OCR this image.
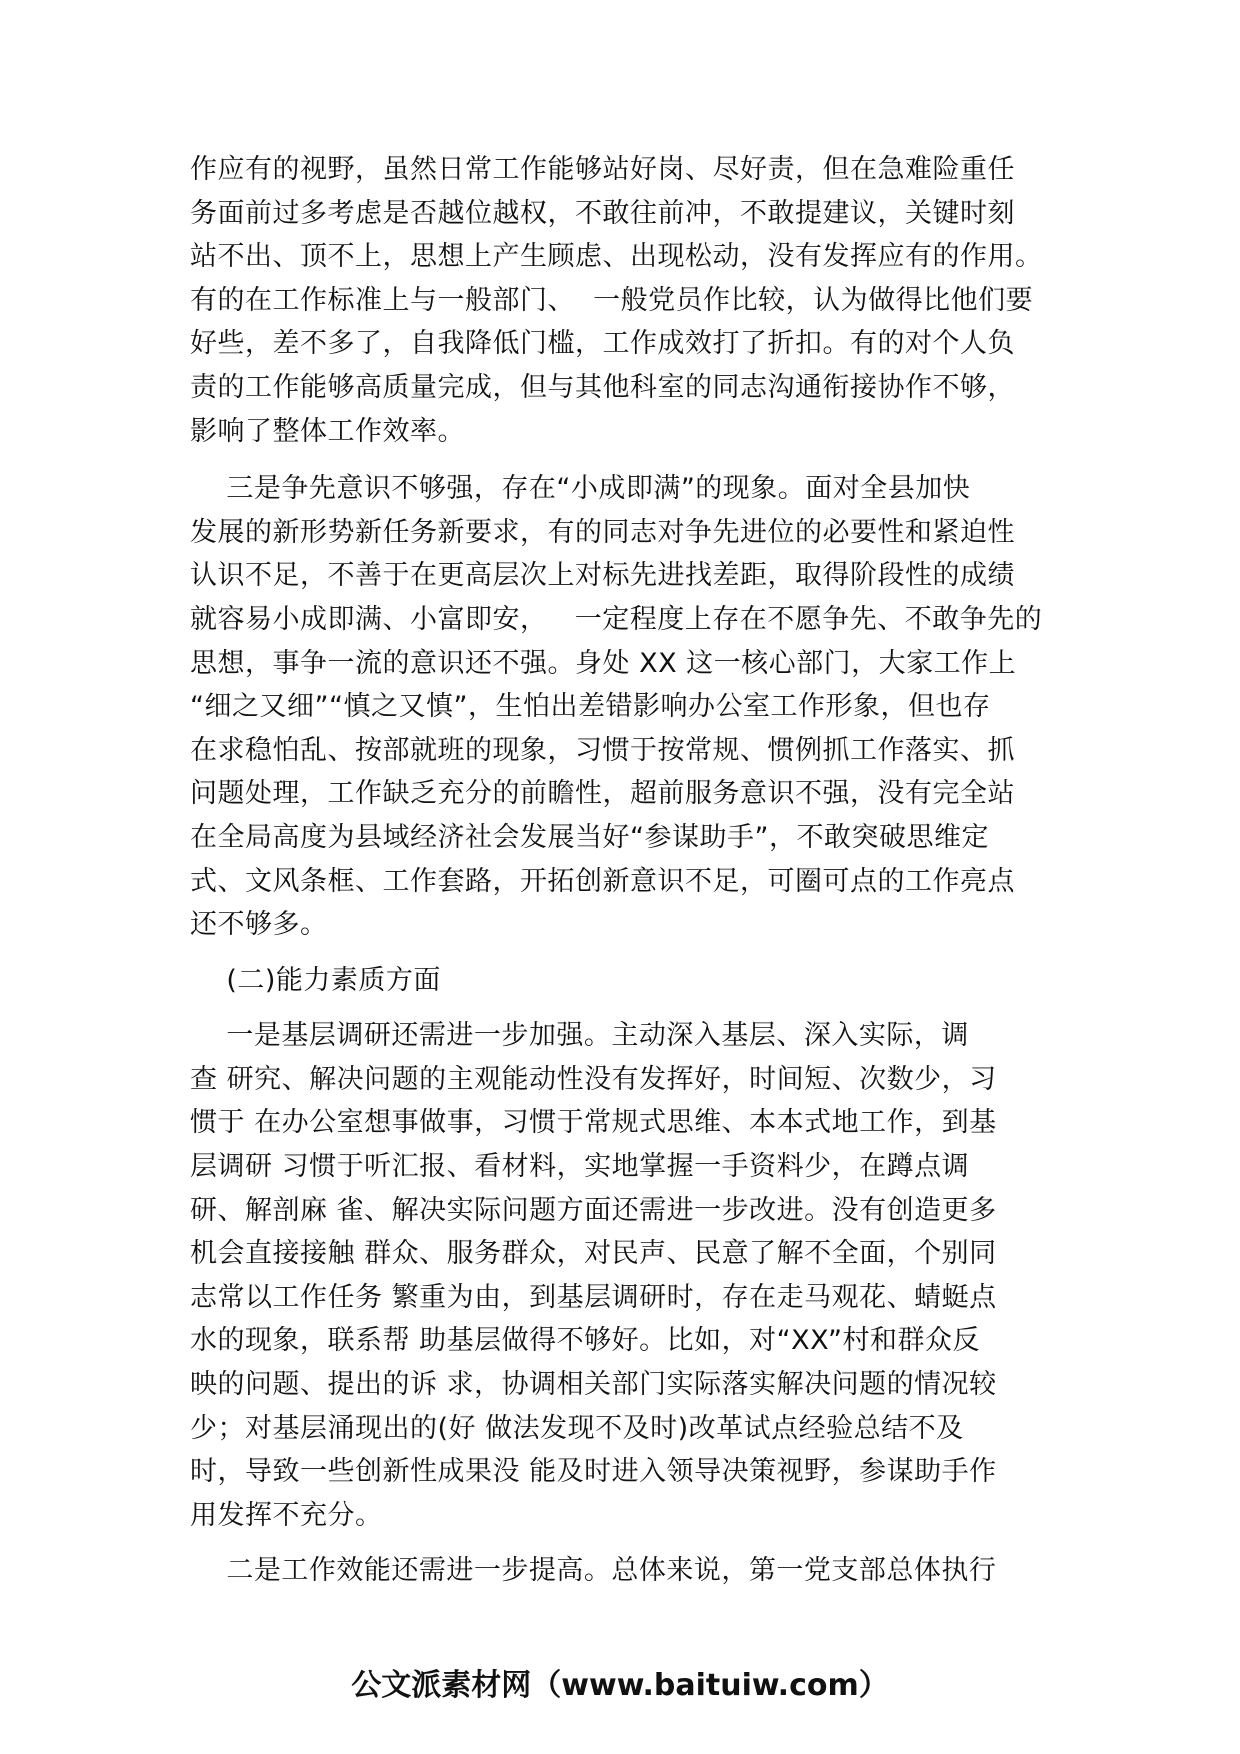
作应有的视野，虽然日常工作能够站好岗、尽好责，但在急难险重任
务面前过多考虑是否越位越权，不敢往前冲，不敢提建议，关键时刻
站不出、顶不上，思想上产生顾虑、出现松动，没有发挥应有的作用。
有的在工作标准上与一般部门、  一般党员作比较，认为做得比他们要
好些，差不多了，自我降低门槛，工作成效打了折扣。有的对个人负
责的工作能够高质量完成，但与其他科室的同志沟通衔接协作不够，
影响了整体工作效率。
三是争先意识不够强，存在“小成即满”的现象。面对全县加快
发展的新形势新任务新要求，有的同志对争先进位的必要性和紧迫性
认识不足，不善于在更高层次上对标先进找差距，取得阶段性的成绩
就容易小成即满、小富即安，   一定程度上存在不愿争先、不敢争先的
思想，事争一流的意识还不强。身处 XX 这一核心部门，大家工作上
“细之又细”“慎之又慎”，生怕出差错影响办公室工作形象，但也存
在求稳怕乱、按部就班的现象，习惯于按常规、惯例抓工作落实、抓
问题处理，工作缺乏充分的前瞻性，超前服务意识不强，没有完全站
在全局高度为县域经济社会发展当好“参谋助手”，不敢突破思维定
式、文风条框、工作套路，开拓创新意识不足，可圈可点的工作亮点
还不够多。
(二)能力素质方面
一是基层调研还需进一步加强。主动深入基层、深入实际，调
查 研究、解决问题的主观能动性没有发挥好，时间短、次数少，习
惯于 在办公室想事做事，习惯于常规式思维、本本式地工作，到基
层调研 习惯于听汇报、看材料，实地掌握一手资料少，在蹲点调
研、解剖麻 雀、解决实际问题方面还需进一步改进。没有创造更多
机会直接接触 群众、服务群众，对民声、民意了解不全面，个别同
志常以工作任务 繁重为由，到基层调研时，存在走马观花、蜻蜓点
水的现象，联系帮 助基层做得不够好。比如，对“XX”村和群众反
映的问题、提出的诉 求，协调相关部门实际落实解决问题的情况较
少；对基层涌现出的(好 做法发现不及时)改革试点经验总结不及
时，导致一些创新性成果没 能及时进入领导决策视野，参谋助手作
用发挥不充分。
二是工作效能还需进一步提高。总体来说，第一党支部总体执行
公文派素材网（www.baituiw.com）
